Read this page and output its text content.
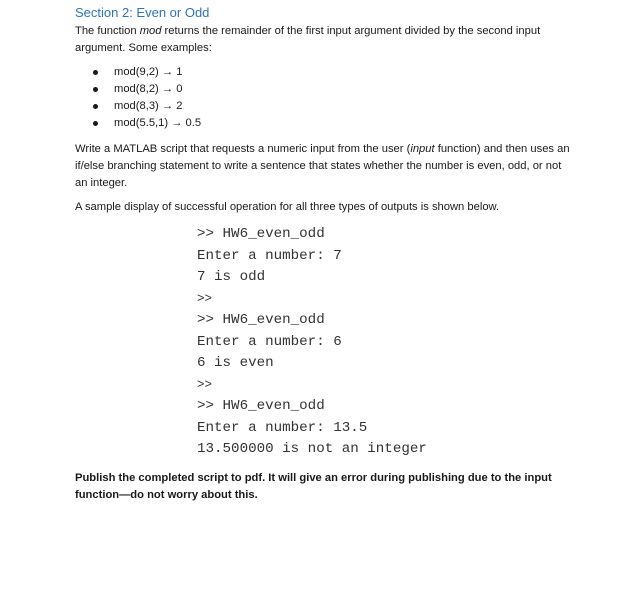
Section 2: Even or Odd

The function mod returns the remainder of the first input argument divided by the second input argument. Some examples:

mod(9,2) → 1
mod(8,2) → 0
mod(8,3) → 2
mod(5.5,1) → 0.5

Write a MATLAB script that requests a numeric input from the user (input function) and then uses an if/else branching statement to write a sentence that states whether the number is even, odd, or not an integer.

A sample display of successful operation for all three types of outputs is shown below.

>> HW6_even_odd
Enter a number: 7
7 is odd
>>
>> HW6_even_odd
Enter a number: 6
6 is even
>>
>> HW6_even_odd
Enter a number: 13.5
13.500000 is not an integer

Publish the completed script to pdf. It will give an error during publishing due to the input function—do not worry about this.
